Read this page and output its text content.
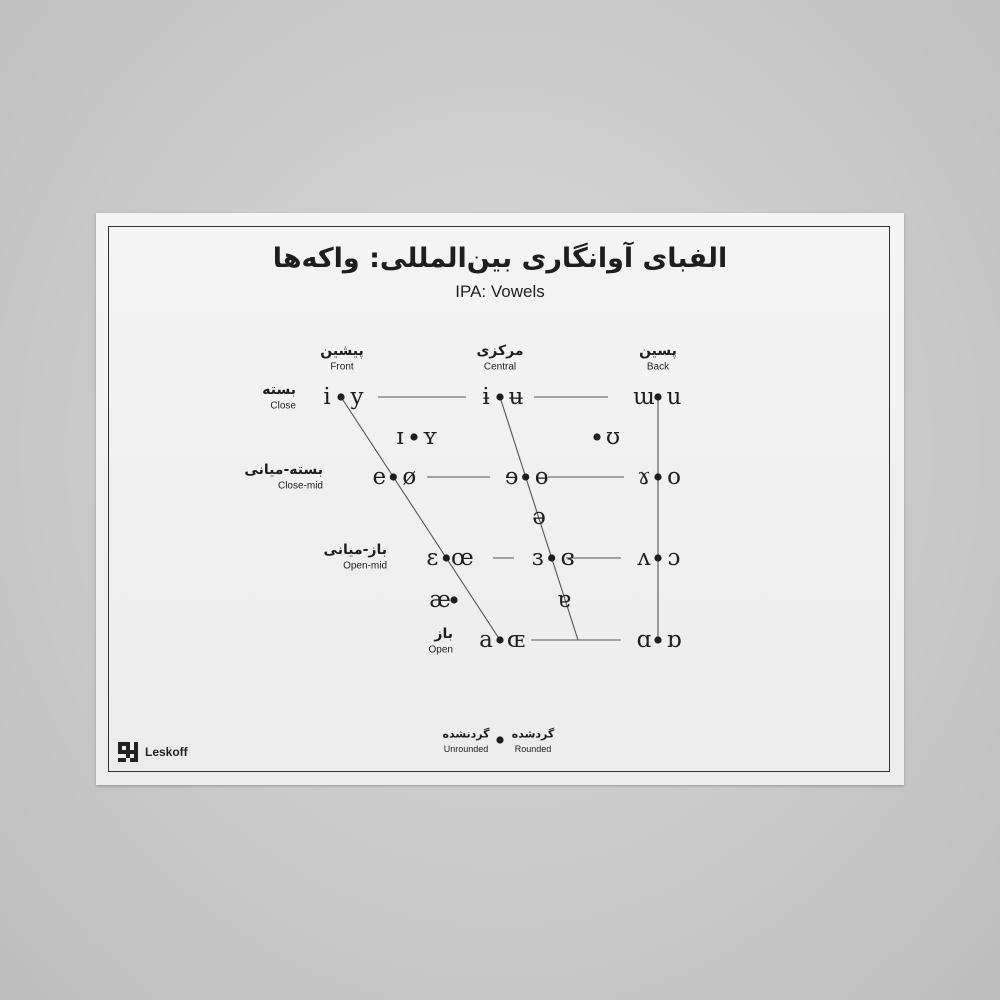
الفبای آوانگاری بین‌المللی: واکه‌ها
IPA: Vowels
i y	ɨ ʉ	ɯ u
ɪ ʏ	ʊ
e ø	ɘ ɵ	ɤ o
ɛ œ	ɜ ɞ	ʌ ɔ
æ
a ɶ	ɑ ɒ
ə
ɐ
پیشین
Front
مرکزی
Central
پسین
Back
بسته
Close
بسته-میانی
Close-mid
باز-میانی
Open-mid
باز
Open
گردنشده
Unrounded
گردشده
Rounded
Leskoff
